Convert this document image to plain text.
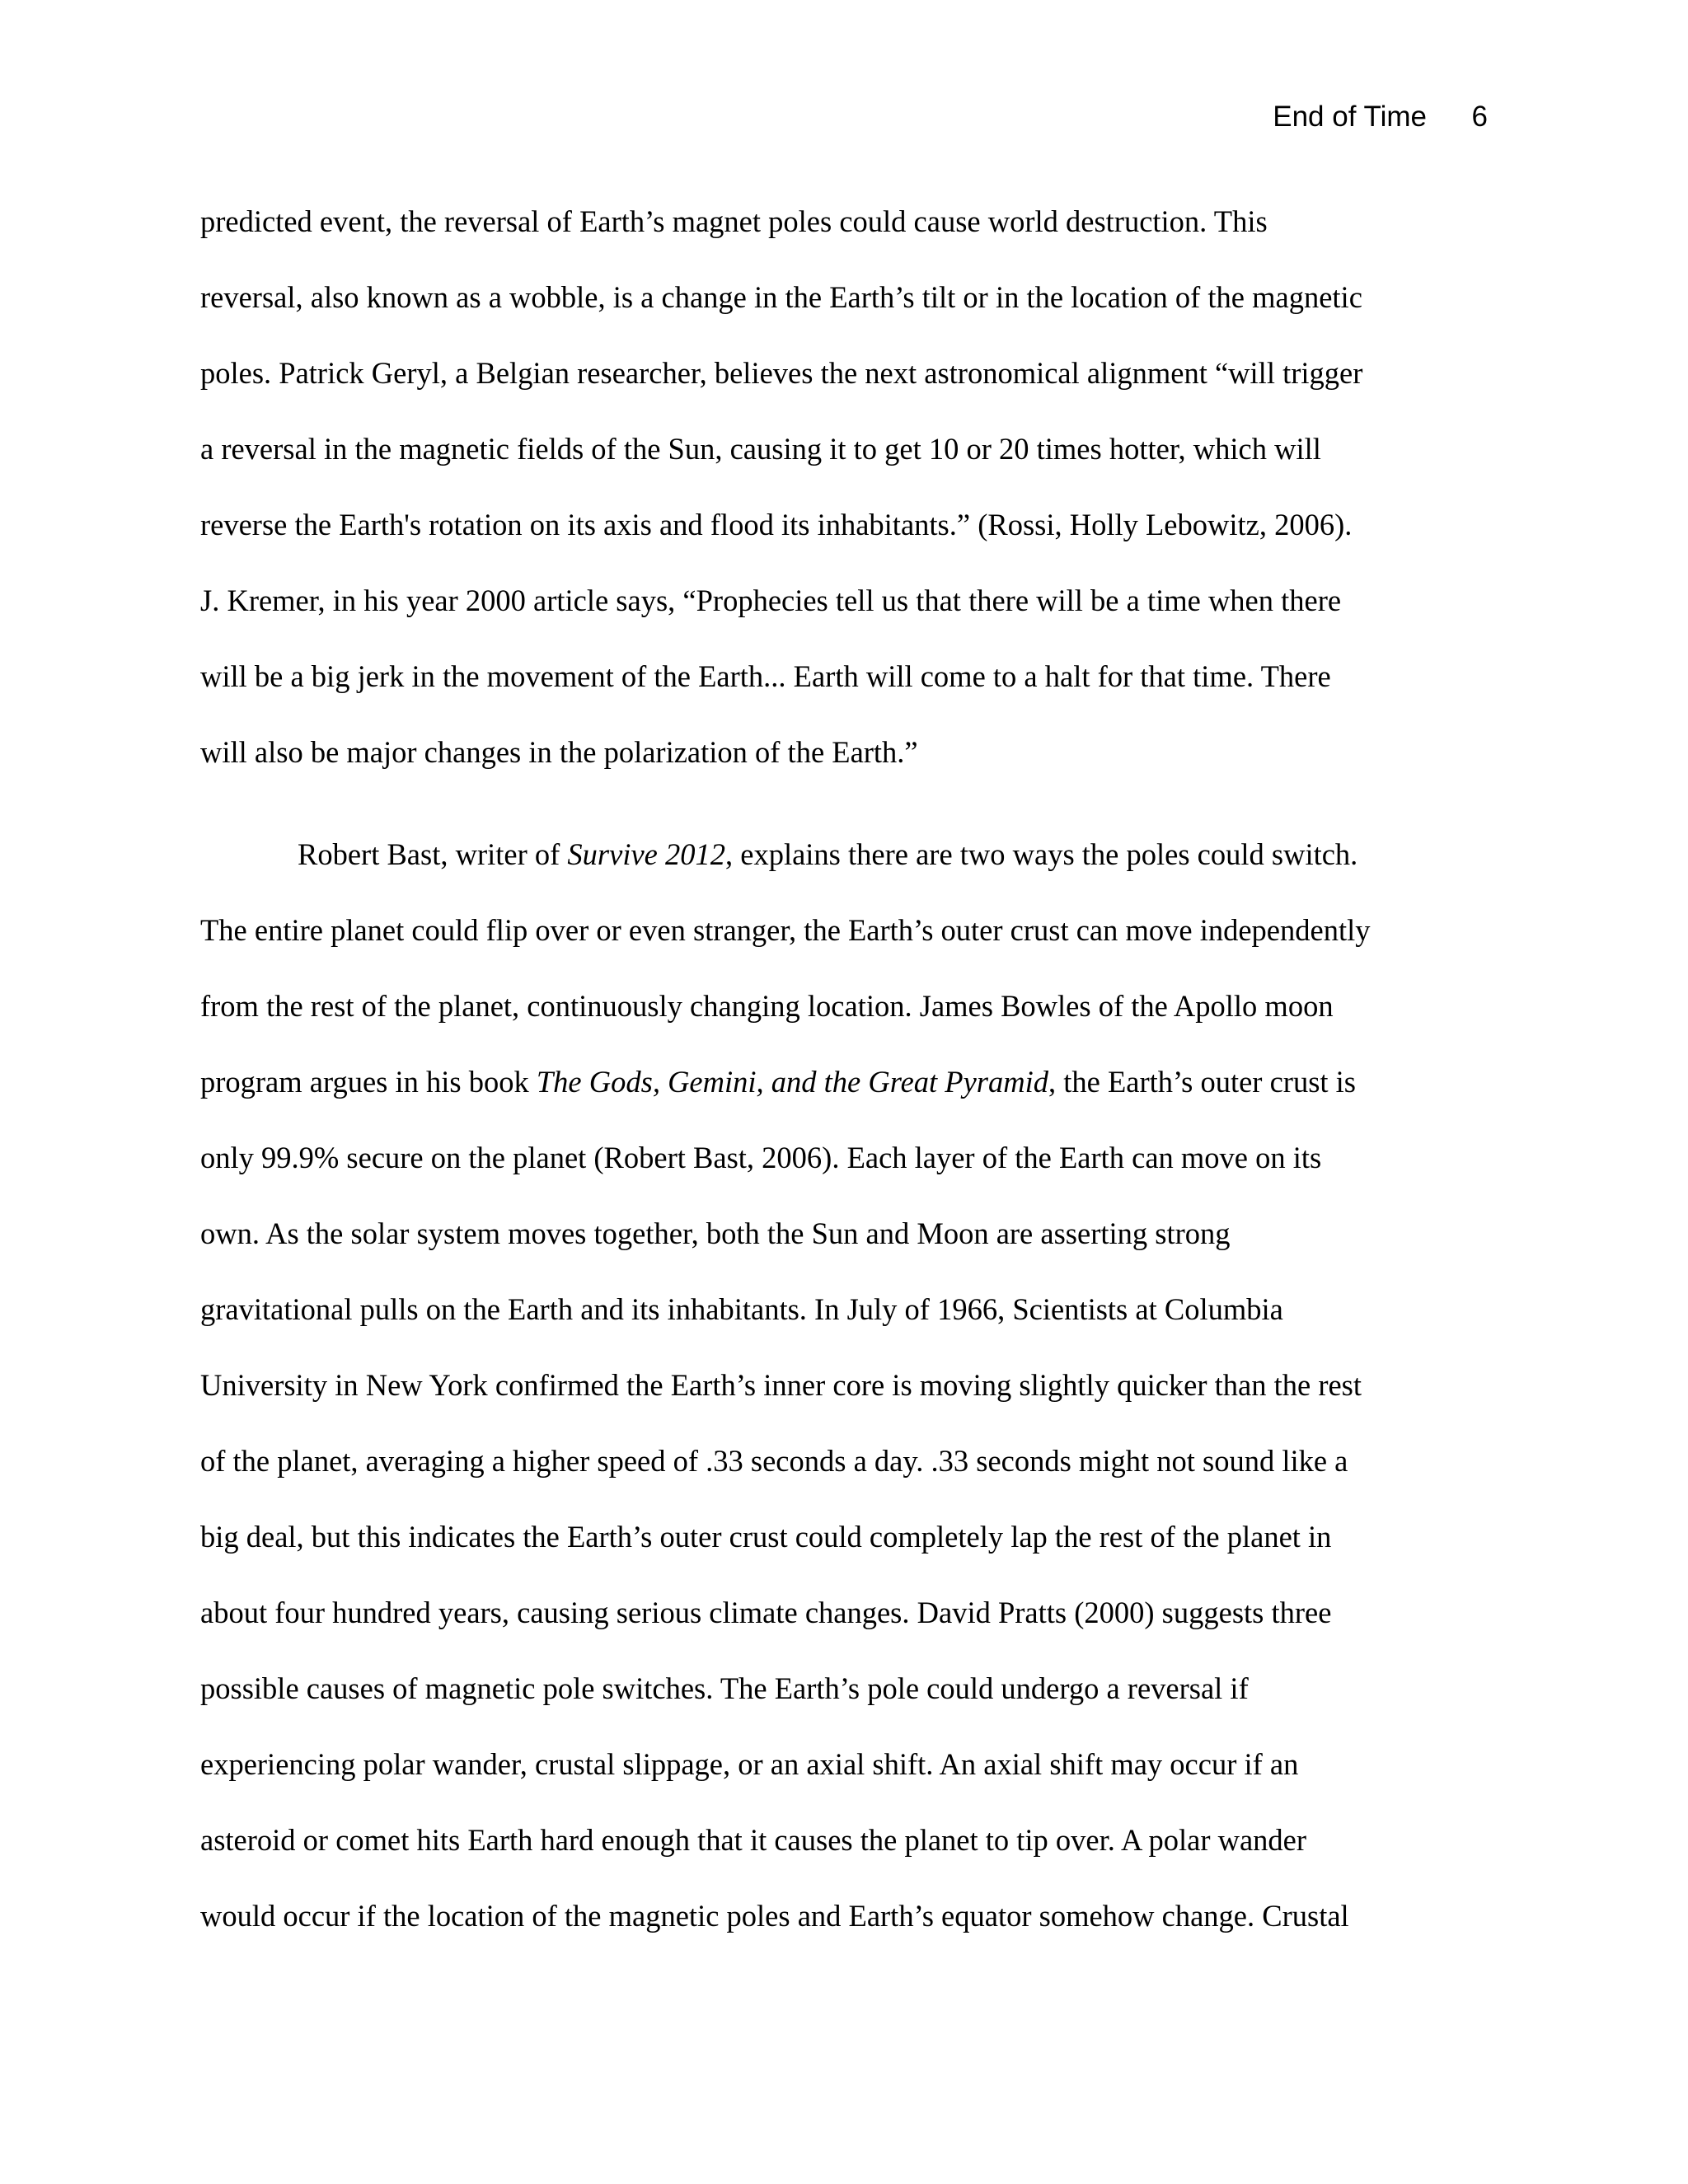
End of Time 6
predicted event, the reversal of Earth’s magnet poles could cause world destruction. This
reversal, also known as a wobble, is a change in the Earth’s tilt or in the location of the magnetic
poles. Patrick Geryl, a Belgian researcher, believes the next astronomical alignment “will trigger
a reversal in the magnetic fields of the Sun, causing it to get 10 or 20 times hotter, which will
reverse the Earth's rotation on its axis and flood its inhabitants.” (Rossi, Holly Lebowitz, 2006).
J. Kremer, in his year 2000 article says, “Prophecies tell us that there will be a time when there
will be a big jerk in the movement of the Earth... Earth will come to a halt for that time. There
will also be major changes in the polarization of the Earth.”
Robert Bast, writer of Survive 2012, explains there are two ways the poles could switch.
The entire planet could flip over or even stranger, the Earth’s outer crust can move independently
from the rest of the planet, continuously changing location. James Bowles of the Apollo moon
program argues in his book The Gods, Gemini, and the Great Pyramid, the Earth’s outer crust is
only 99.9% secure on the planet (Robert Bast, 2006). Each layer of the Earth can move on its
own. As the solar system moves together, both the Sun and Moon are asserting strong
gravitational pulls on the Earth and its inhabitants. In July of 1966, Scientists at Columbia
University in New York confirmed the Earth’s inner core is moving slightly quicker than the rest
of the planet, averaging a higher speed of .33 seconds a day. .33 seconds might not sound like a
big deal, but this indicates the Earth’s outer crust could completely lap the rest of the planet in
about four hundred years, causing serious climate changes. David Pratts (2000) suggests three
possible causes of magnetic pole switches. The Earth’s pole could undergo a reversal if
experiencing polar wander, crustal slippage, or an axial shift. An axial shift may occur if an
asteroid or comet hits Earth hard enough that it causes the planet to tip over. A polar wander
would occur if the location of the magnetic poles and Earth’s equator somehow change. Crustal
